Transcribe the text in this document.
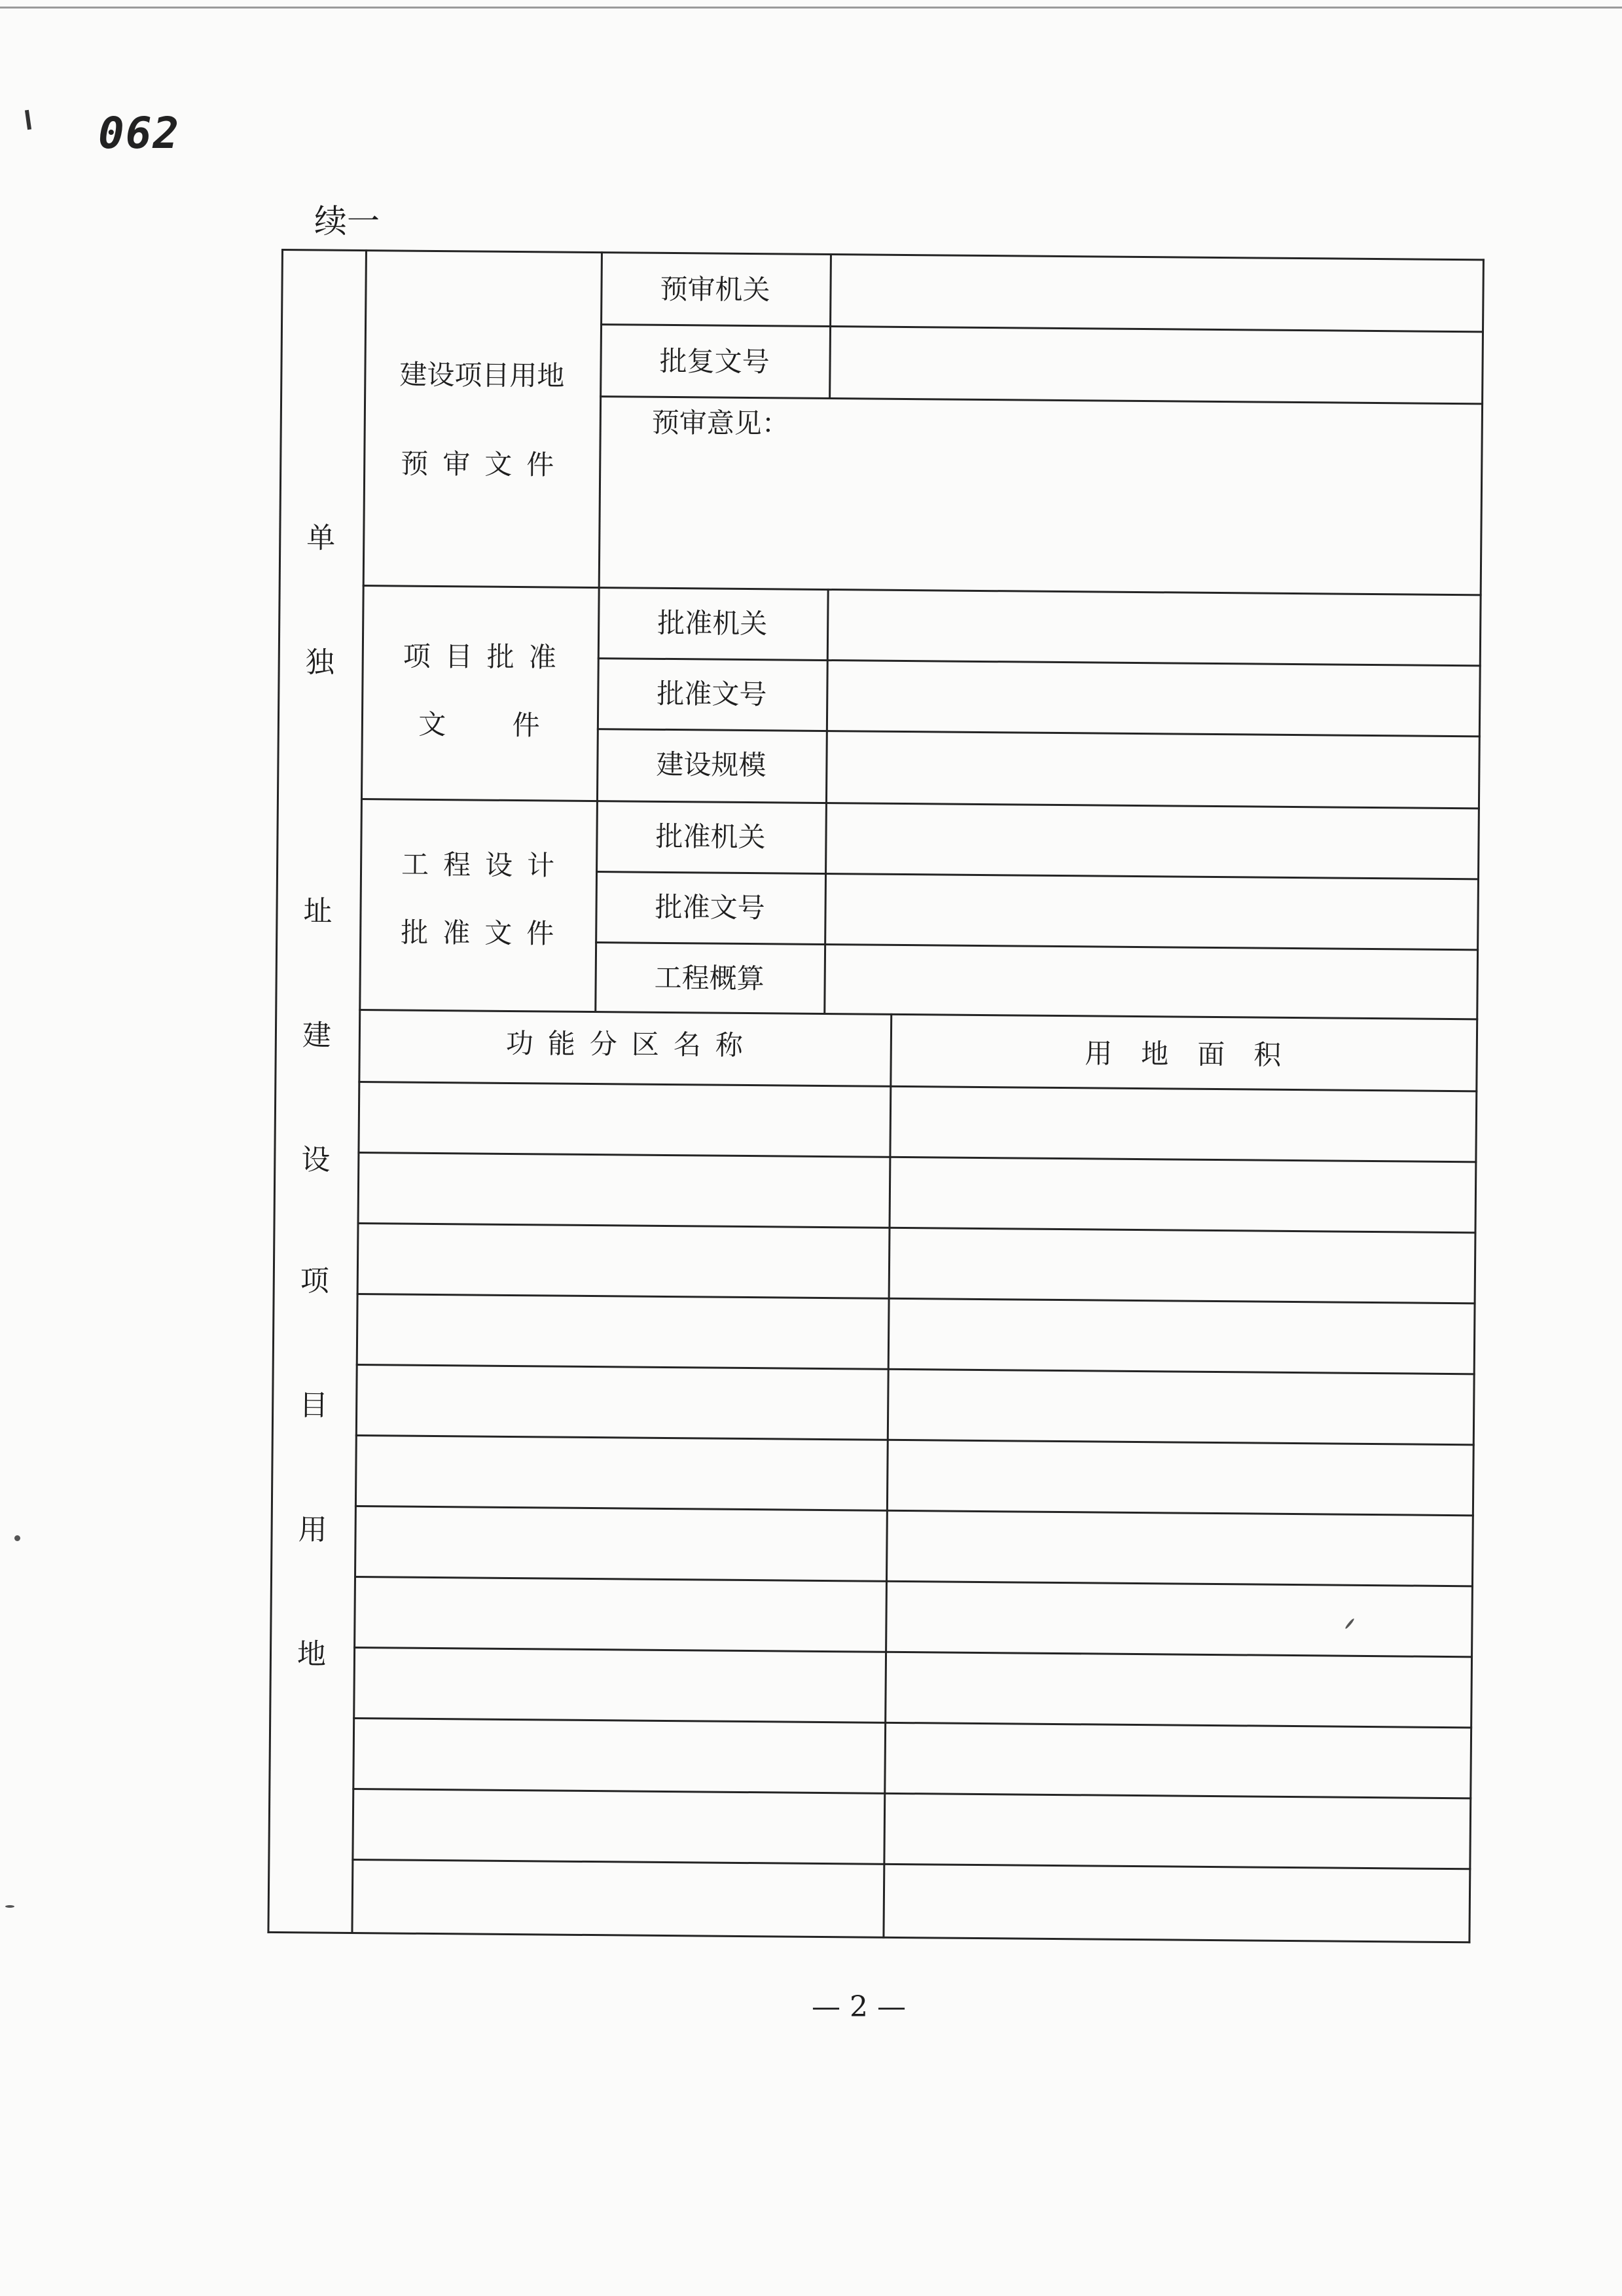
062
续一
单
独
址
建
设
项
目
用
地
建设项目用地
预审文件
预审机关
批复文号
预审意见：
项目批准
文 件
批准机关
批准文号
建设规模
工程设计
批准文件
批准机关
批准文号
工程概算
功能分区名称	用地面积
— 2 —
